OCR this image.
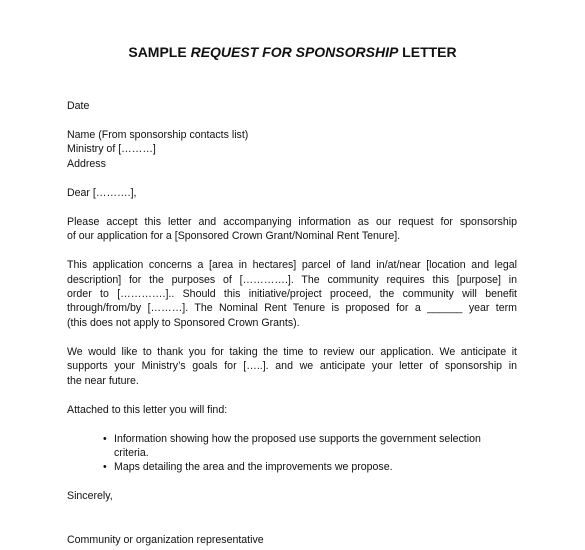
SAMPLE REQUEST FOR SPONSORSHIP LETTER
Date
Name (From sponsorship contacts list)
Ministry of [………]
Address
Dear [……….],
Please accept this letter and accompanying information as our request for sponsorship
of our application for a [Sponsored Crown Grant/Nominal Rent Tenure].
This application concerns a [area in hectares] parcel of land in/at/near [location and legal
description] for the purposes of [………….]. The community requires this [purpose] in
order to [………….].. Should this initiative/project proceed, the community will benefit
through/from/by [………]. The Nominal Rent Tenure is proposed for a ______ year term
(this does not apply to Sponsored Crown Grants).
We would like to thank you for taking the time to review our application. We anticipate it
supports your Ministry’s goals for […..]. and we anticipate your letter of sponsorship in
the near future.
Attached to this letter you will find:
• Information showing how the proposed use supports the government selection
criteria.
• Maps detailing the area and the improvements we propose.
Sincerely,
Community or organization representative
